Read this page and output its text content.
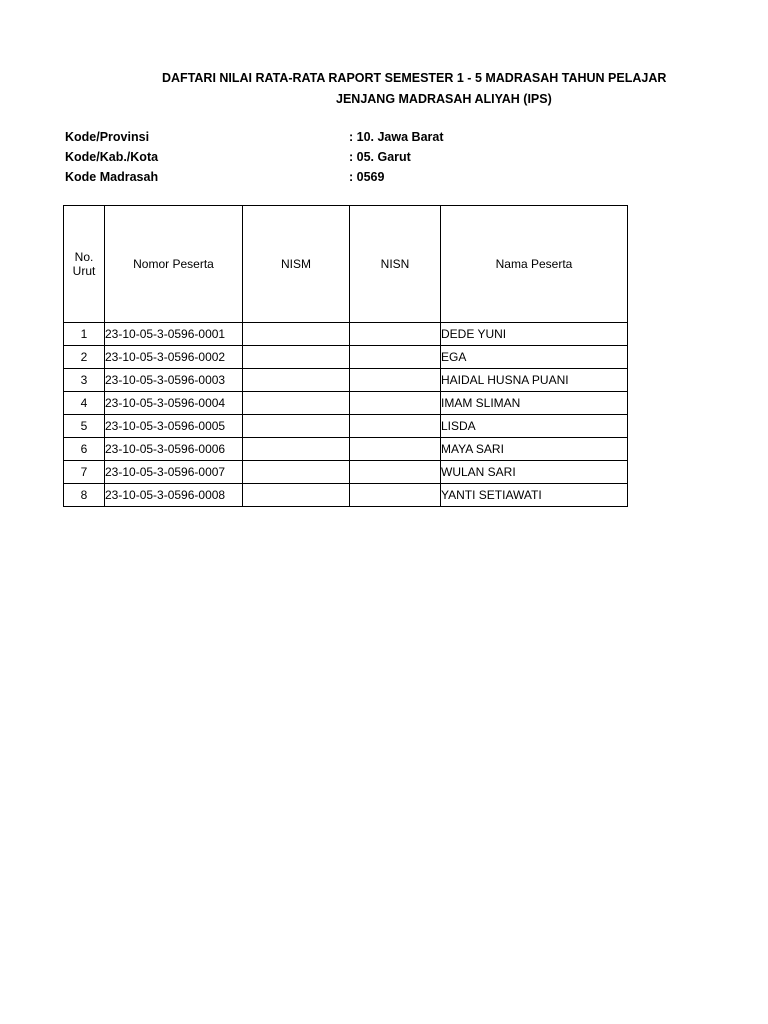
DAFTARI NILAI RATA-RATA RAPORT SEMESTER 1 - 5 MADRASAH TAHUN PELAJAR
JENJANG MADRASAH ALIYAH (IPS)
Kode/Provinsi	: 10. Jawa Barat
Kode/Kab./Kota	: 05. Garut
Kode Madrasah	: 0569
No.
Urut	Nomor Peserta	NISM	NISN	Nama Peserta
1	23-10-05-3-0596-0001			DEDE YUNI
2	23-10-05-3-0596-0002			EGA
3	23-10-05-3-0596-0003			HAIDAL HUSNA PUANI
4	23-10-05-3-0596-0004			IMAM SLIMAN
5	23-10-05-3-0596-0005			LISDA
6	23-10-05-3-0596-0006			MAYA SARI
7	23-10-05-3-0596-0007			WULAN SARI
8	23-10-05-3-0596-0008			YANTI SETIAWATI
